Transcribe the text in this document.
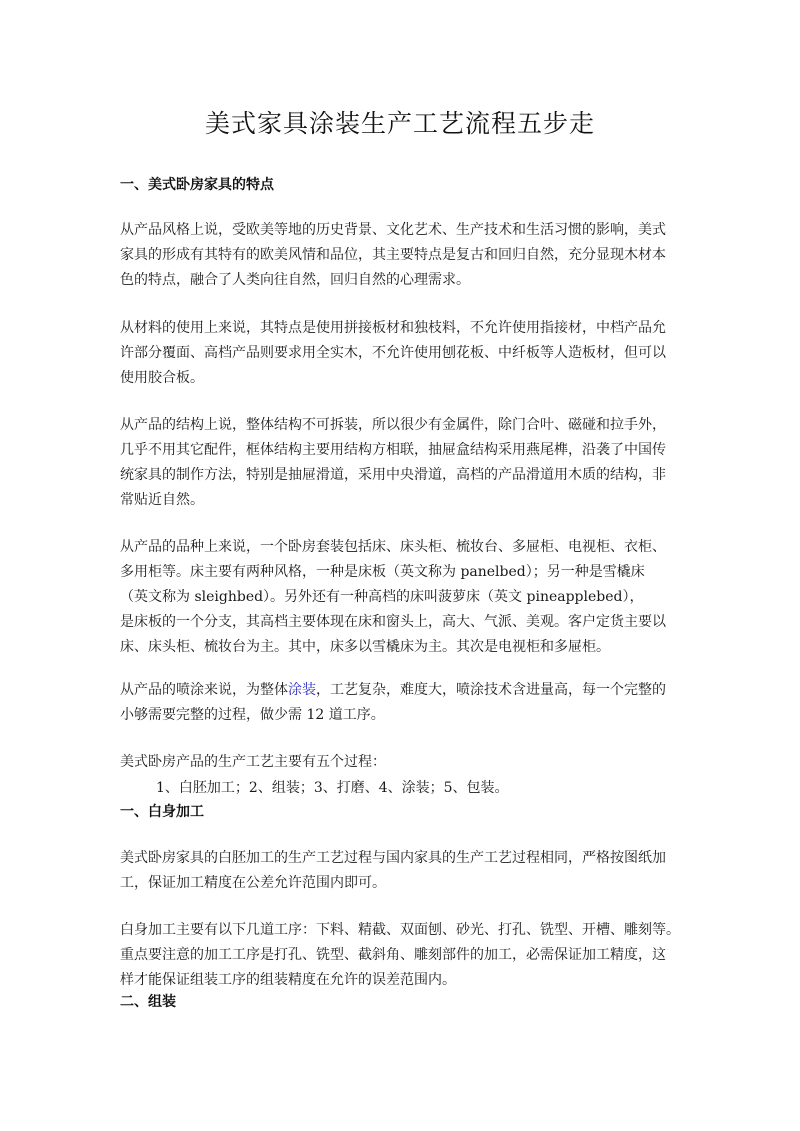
美式家具涂装生产工艺流程五步走
一、美式卧房家具的特点
从产品风格上说，受欧美等地的历史背景、文化艺术、生产技术和生活习惯的影响，美式
家具的形成有其特有的欧美风情和品位，其主要特点是复古和回归自然，充分显现木材本
色的特点，融合了人类向往自然，回归自然的心理需求。
从材料的使用上来说，其特点是使用拼接板材和独枝料，不允许使用指接材，中档产品允
许部分覆面、高档产品则要求用全实木，不允许使用刨花板、中纤板等人造板材，但可以
使用胶合板。
从产品的结构上说，整体结构不可拆装，所以很少有金属件，除门合叶、磁碰和拉手外，
几乎不用其它配件，框体结构主要用结构方相联，抽屉盒结构采用燕尾榫，沿袭了中国传
统家具的制作方法，特别是抽屉滑道，采用中央滑道，高档的产品滑道用木质的结构，非
常贴近自然。
从产品的品种上来说，一个卧房套装包括床、床头柜、梳妆台、多屉柜、电视柜、衣柜、
多用柜等。床主要有两种风格，一种是床板（英文称为 panelbed）；另一种是雪橇床
（英文称为 sleighbed）。另外还有一种高档的床叫菠萝床（英文 pineapplebed），
是床板的一个分支，其高档主要体现在床和窗头上，高大、气派、美观。客户定货主要以
床、床头柜、梳妆台为主。其中，床多以雪橇床为主。其次是电视柜和多屉柜。
从产品的喷涂来说，为整体涂装，工艺复杂，难度大，喷涂技术含进量高，每一个完整的
小够需要完整的过程，做少需 12 道工序。
美式卧房产品的生产工艺主要有五个过程：
1、白胚加工；2、组装；3、打磨、4、涂装；5、包装。
一、白身加工
美式卧房家具的白胚加工的生产工艺过程与国内家具的生产工艺过程相同，严格按图纸加
工，保证加工精度在公差允许范围内即可。
白身加工主要有以下几道工序：下料、精截、双面刨、砂光、打孔、铣型、开槽、雕刻等。
重点要注意的加工工序是打孔、铣型、截斜角、雕刻部件的加工，必需保证加工精度，这
样才能保证组装工序的组装精度在允许的误差范围内。
二、组装
